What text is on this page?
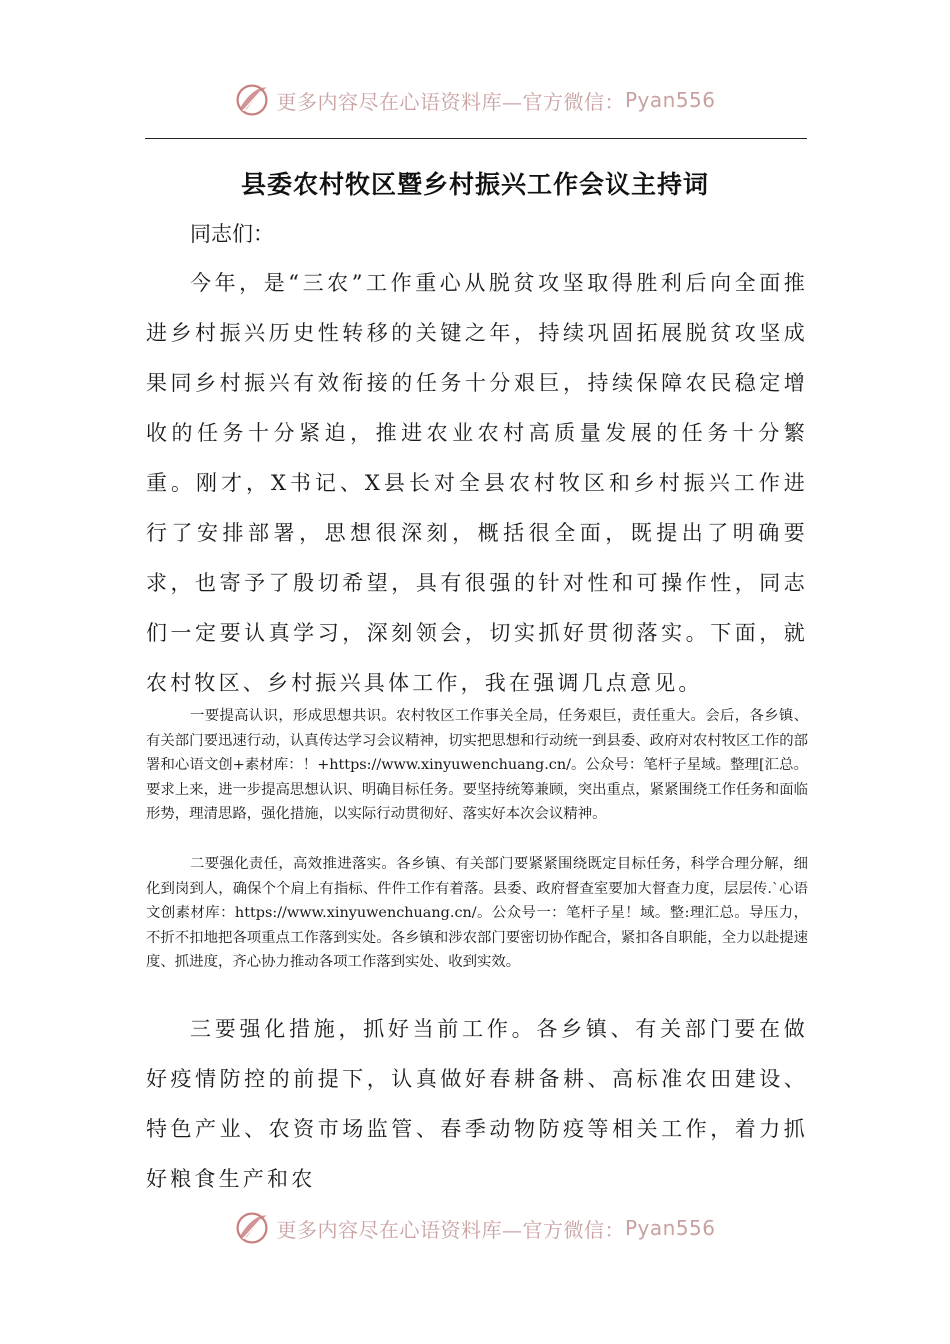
更多内容尽在心语资料库—官方微信： Pyan556
县委农村牧区暨乡村振兴工作会议主持词
同志们：

今年，是“三农”工作重心从脱贫攻坚取得胜利后向全面推进乡村振兴历史性转移的关键之年，持续巩固拓展脱贫攻坚成果同乡村振兴有效衔接的任务十分艰巨，持续保障农民稳定增收的任务十分紧迫，推进农业农村高质量发展的任务十分繁重。刚才，X书记、X县长对全县农村牧区和乡村振兴工作进行了安排部署，思想很深刻，概括很全面，既提出了明确要求，也寄予了殷切希望，具有很强的针对性和可操作性，同志们一定要认真学习，深刻领会，切实抓好贯彻落实。下面，就农村牧区、乡村振兴具体工作，我在强调几点意见。

一要提高认识，形成思想共识。农村牧区工作事关全局，任务艰巨，责任重大。会后，各乡镇、有关部门要迅速行动，认真传达学习会议精神，切实把思想和行动统一到县委、政府对农村牧区工作的部署和心语文创+素材库：！+https://www.xinyuwenchuang.cn/。公众号：笔杆子星域。整理[汇总。要求上来，进一步提高思想认识、明确目标任务。要坚持统筹兼顾，突出重点，紧紧围绕工作任务和面临形势，理清思路，强化措施，以实际行动贯彻好、落实好本次会议精神。

二要强化责任，高效推进落实。各乡镇、有关部门要紧紧围绕既定目标任务，科学合理分解，细化到岗到人，确保个个肩上有指标、件件工作有着落。县委、政府督查室要加大督查力度，层层传.`心语文创素材库：https://www.xinyuwenchuang.cn/。公众号一：笔杆子星！域。整:理汇总。导压力，不折不扣地把各项重点工作落到实处。各乡镇和涉农部门要密切协作配合，紧扣各自职能，全力以赴提速度、抓进度，齐心协力推动各项工作落到实处、收到实效。

三要强化措施，抓好当前工作。各乡镇、有关部门要在做好疫情防控的前提下，认真做好春耕备耕、高标准农田建设、特色产业、农资市场监管、春季动物防疫等相关工作，着力抓好粮食生产和农

更多内容尽在心语资料库—官方微信： Pyan556
